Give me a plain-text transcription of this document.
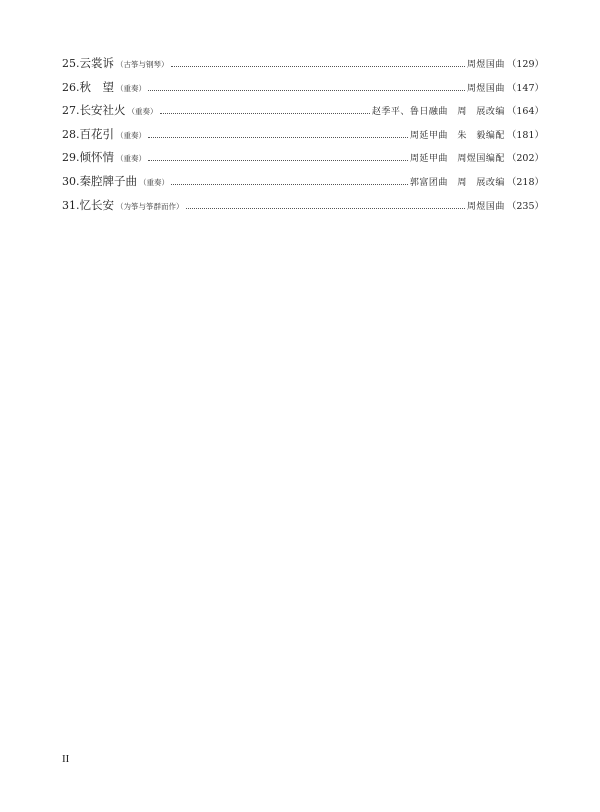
25. 云裳诉 （古筝与钢琴）	周煜国曲 （129）
26. 秋　望 （重奏）	周煜国曲 （147）
27. 长安社火 （重奏）	赵季平、鲁日融曲　周　展改编 （164）
28. 百花引 （重奏）	周延甲曲　朱　毅编配 （181）
29. 倾怀情 （重奏）	周延甲曲　周煜国编配 （202）
30. 秦腔牌子曲 （重奏）	郭富团曲　周　展改编 （218）
31. 忆长安 （为筝与筝群而作）	周煜国曲 （235）
II
